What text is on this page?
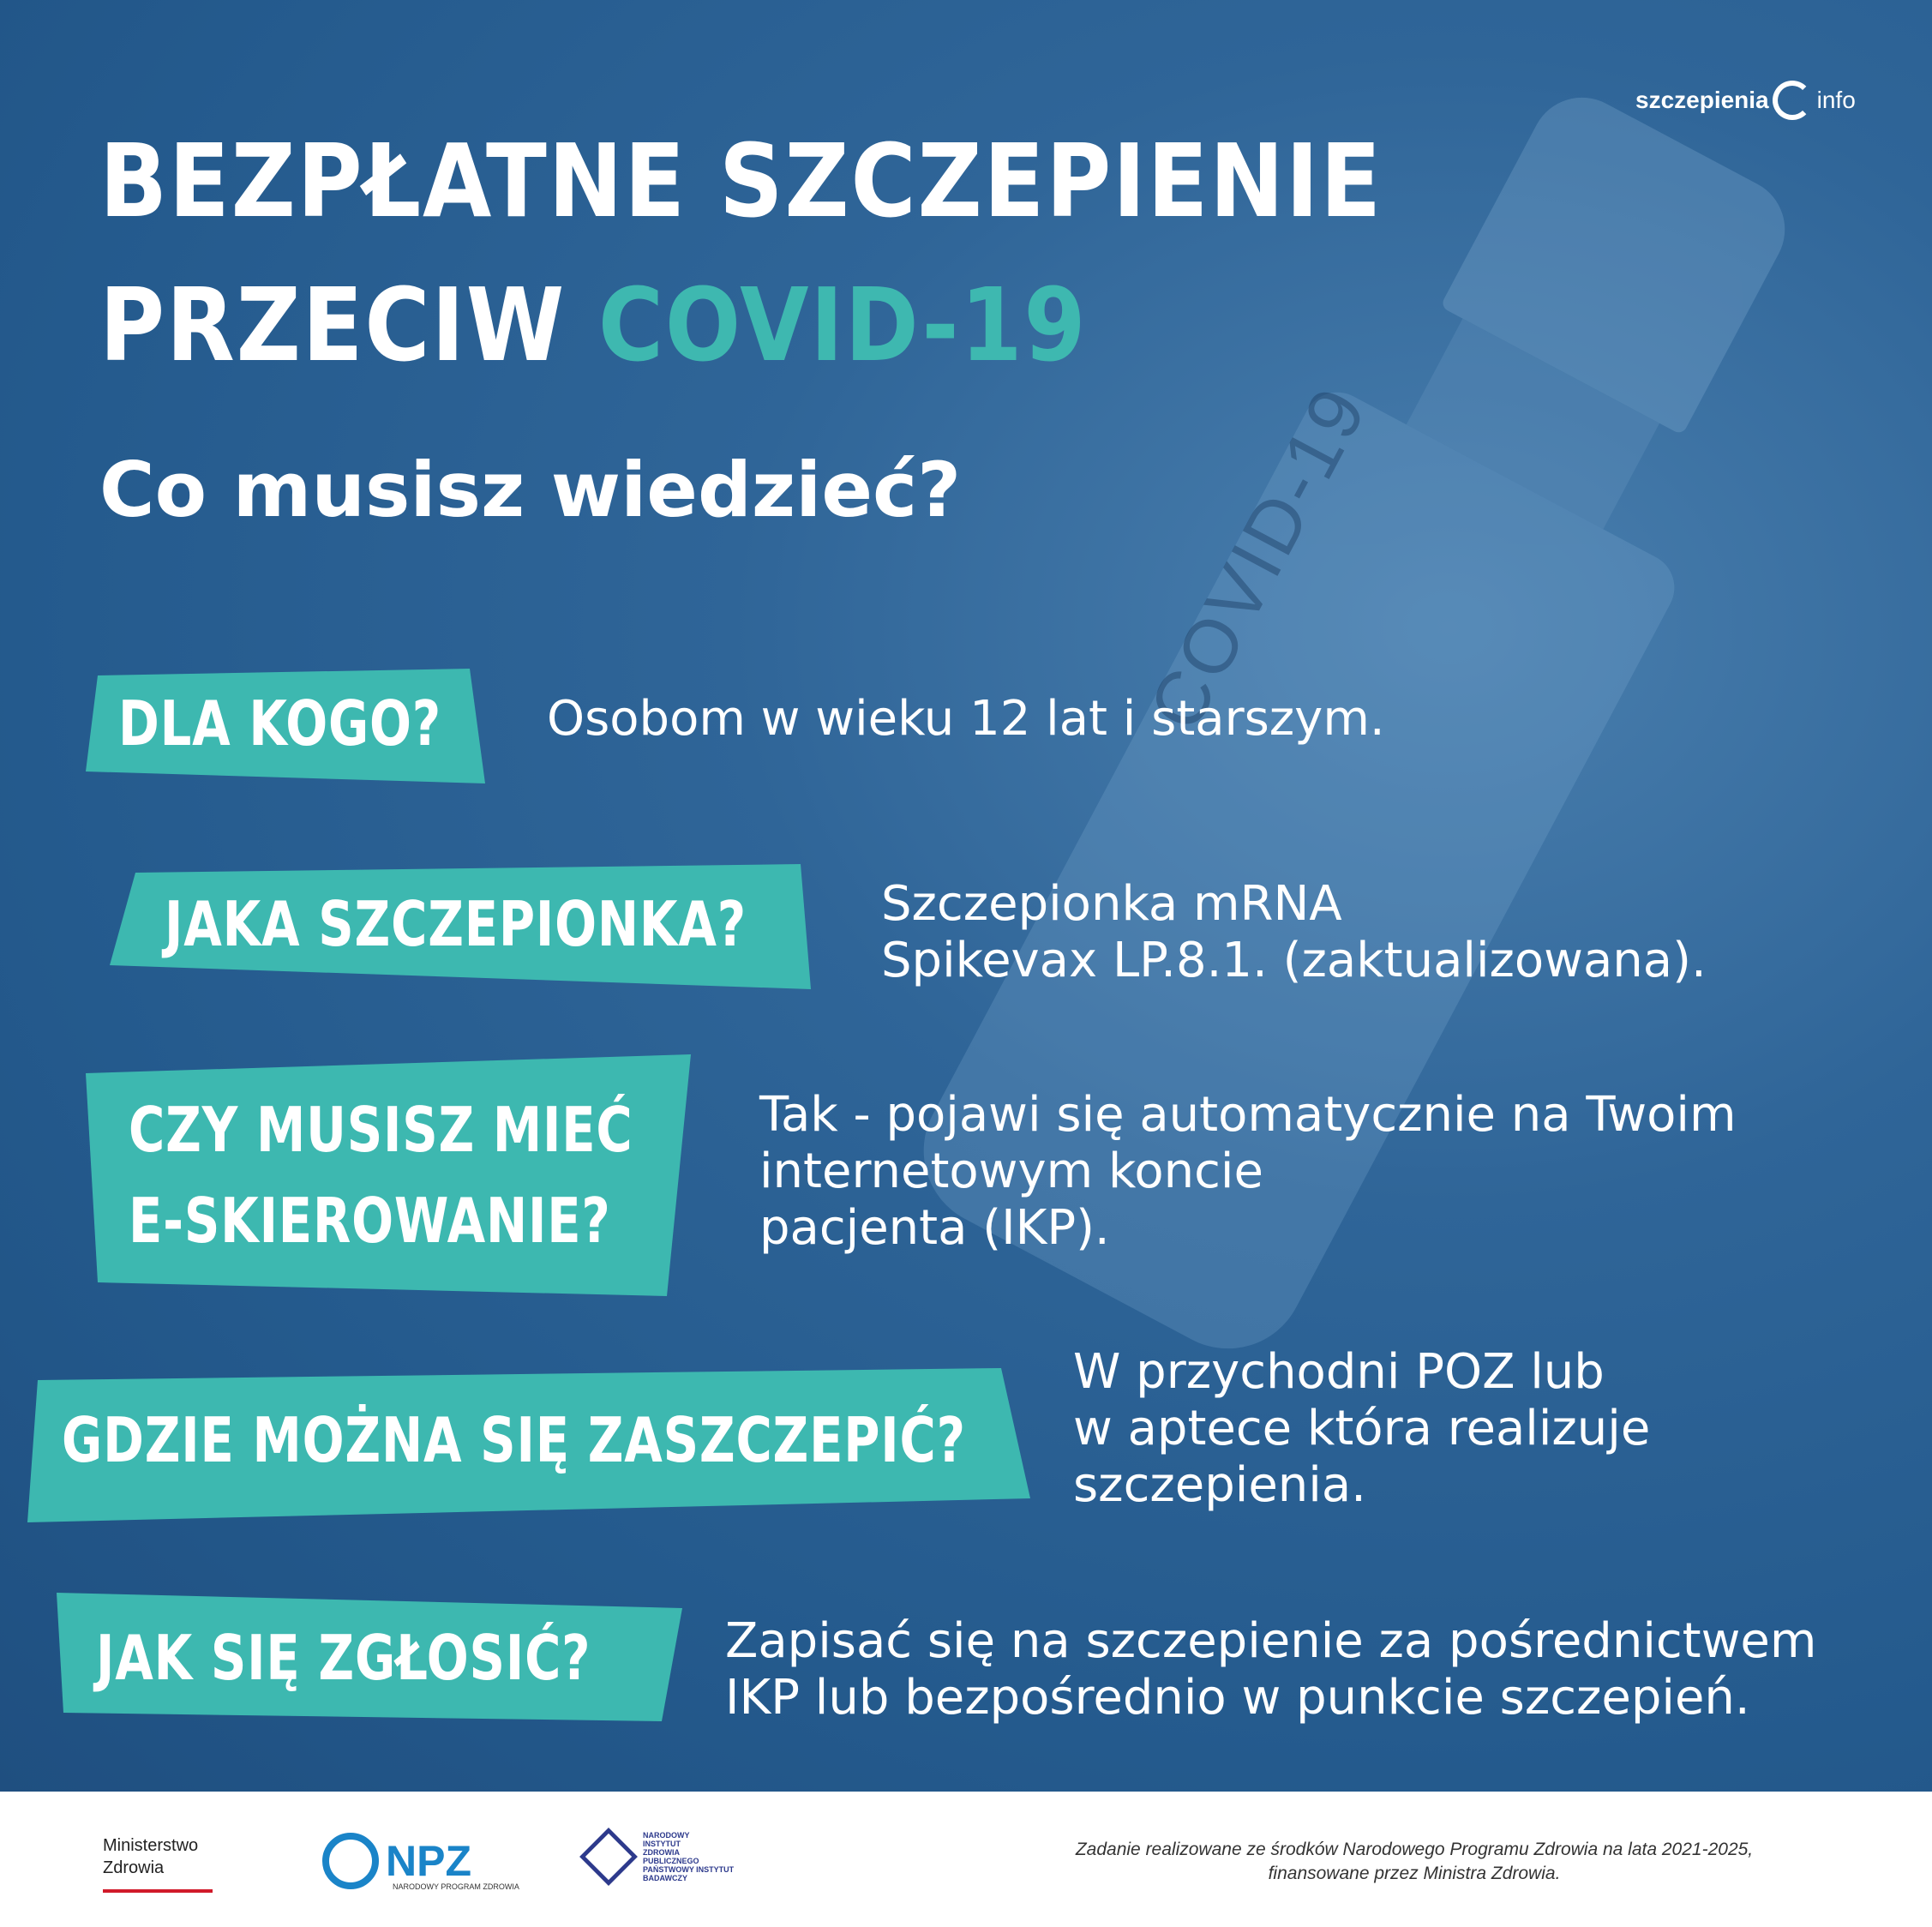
COVID-19
szczepienia info
BEZPŁATNE SZCZEPIENIE
PRZECIW COVID-19
Co musisz wiedzieć?
DLA KOGO? Osobom w wieku 12 lat i starszym.
JAKA SZCZEPIONKA?	Szczepionka mRNA
Spikevax LP.8.1. (zaktualizowana).
CZY MUSISZ MIEĆ
E-SKIEROWANIE?
Tak - pojawi się automatycznie na Twoim
internetowym koncie
pacjenta (IKP).
GDZIE MOŻNA SIĘ ZASZCZEPIĆ?
W przychodni POZ lub
w aptece która realizuje
szczepienia.
JAK SIĘ ZGŁOSIĆ?	Zapisać się na szczepienie za pośrednictwem
IKP lub bezpośrednio w punkcie szczepień.
Ministerstwo
Zdrowia	NPZ
NARODOWY PROGRAM ZDROWIA
NARODOWY
INSTYTUT
ZDROWIA
PUBLICZNEGO
PAŃSTWOWY INSTYTUT
BADAWCZY
Zadanie realizowane ze środków Narodowego Programu Zdrowia na lata 2021-2025,
finansowane przez Ministra Zdrowia.
